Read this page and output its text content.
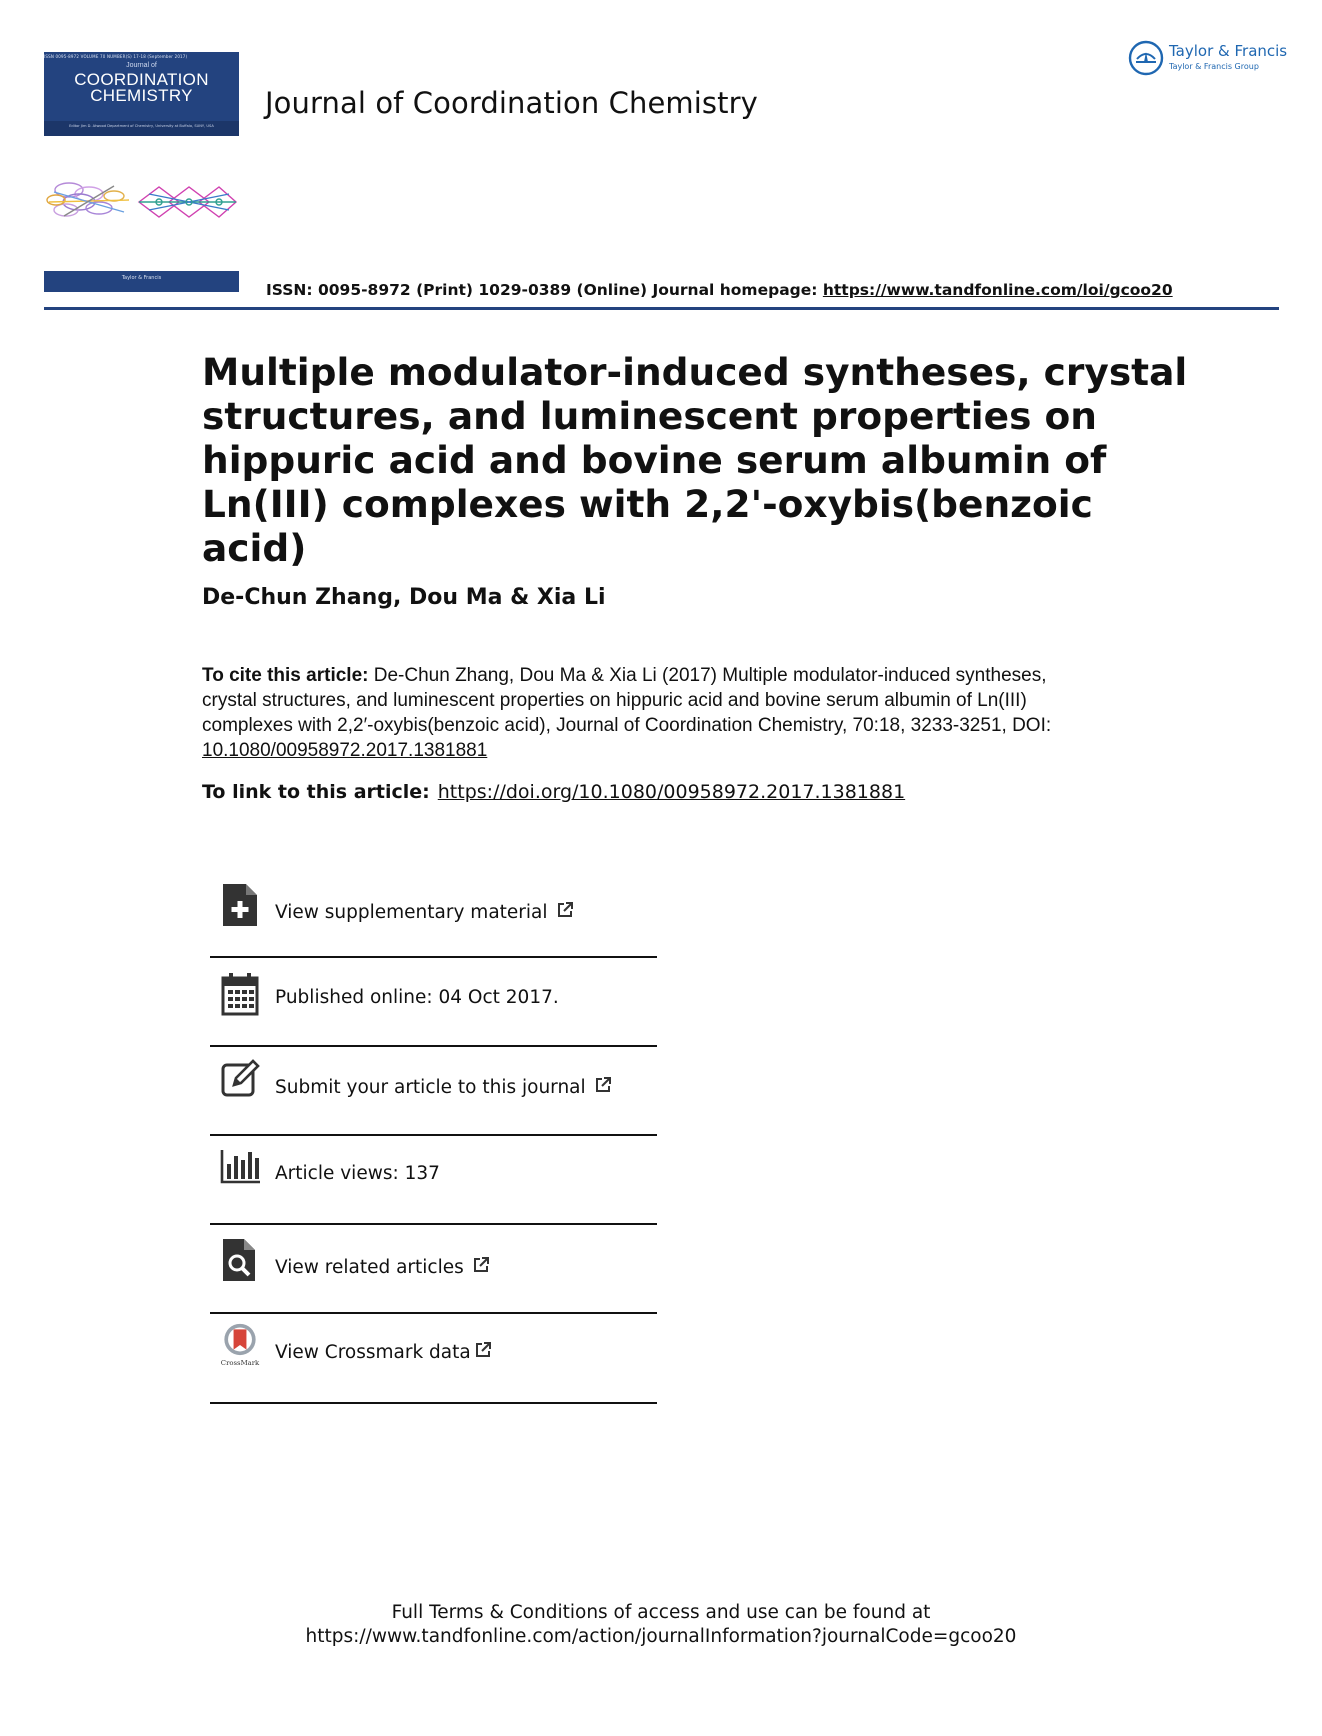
ISSN 0095-8972 VOLUME 70 NUMBER(S) 17-18 (September 2017)
Journal of
COORDINATION
CHEMISTRY
Editor Jim D. Atwood Department of Chemistry, University at Buffalo, SUNY, USA
Taylor & Francis
Journal of Coordination Chemistry
Taylor & Francis
Taylor & Francis Group
ISSN: 0095-8972 (Print) 1029-0389 (Online) Journal homepage: https://www.tandfonline.com/loi/gcoo20
Multiple modulator-induced syntheses, crystal structures, and luminescent properties on hippuric acid and bovine serum albumin of Ln(III) complexes with 2,2'-oxybis(benzoic acid)
De-Chun Zhang, Dou Ma & Xia Li
To cite this article: De-Chun Zhang, Dou Ma & Xia Li (2017) Multiple modulator-induced syntheses, crystal structures, and luminescent properties on hippuric acid and bovine serum albumin of Ln(III) complexes with 2,2′-oxybis(benzoic acid), Journal of Coordination Chemistry, 70:18, 3233-3251, DOI: 10.1080/00958972.2017.1381881
To link to this article: https://doi.org/10.1080/00958972.2017.1381881
View supplementary material
Published online: 04 Oct 2017.
Submit your article to this journal
Article views: 137
View related articles
CrossMark
View Crossmark data
Full Terms & Conditions of access and use can be found at
https://www.tandfonline.com/action/journalInformation?journalCode=gcoo20
